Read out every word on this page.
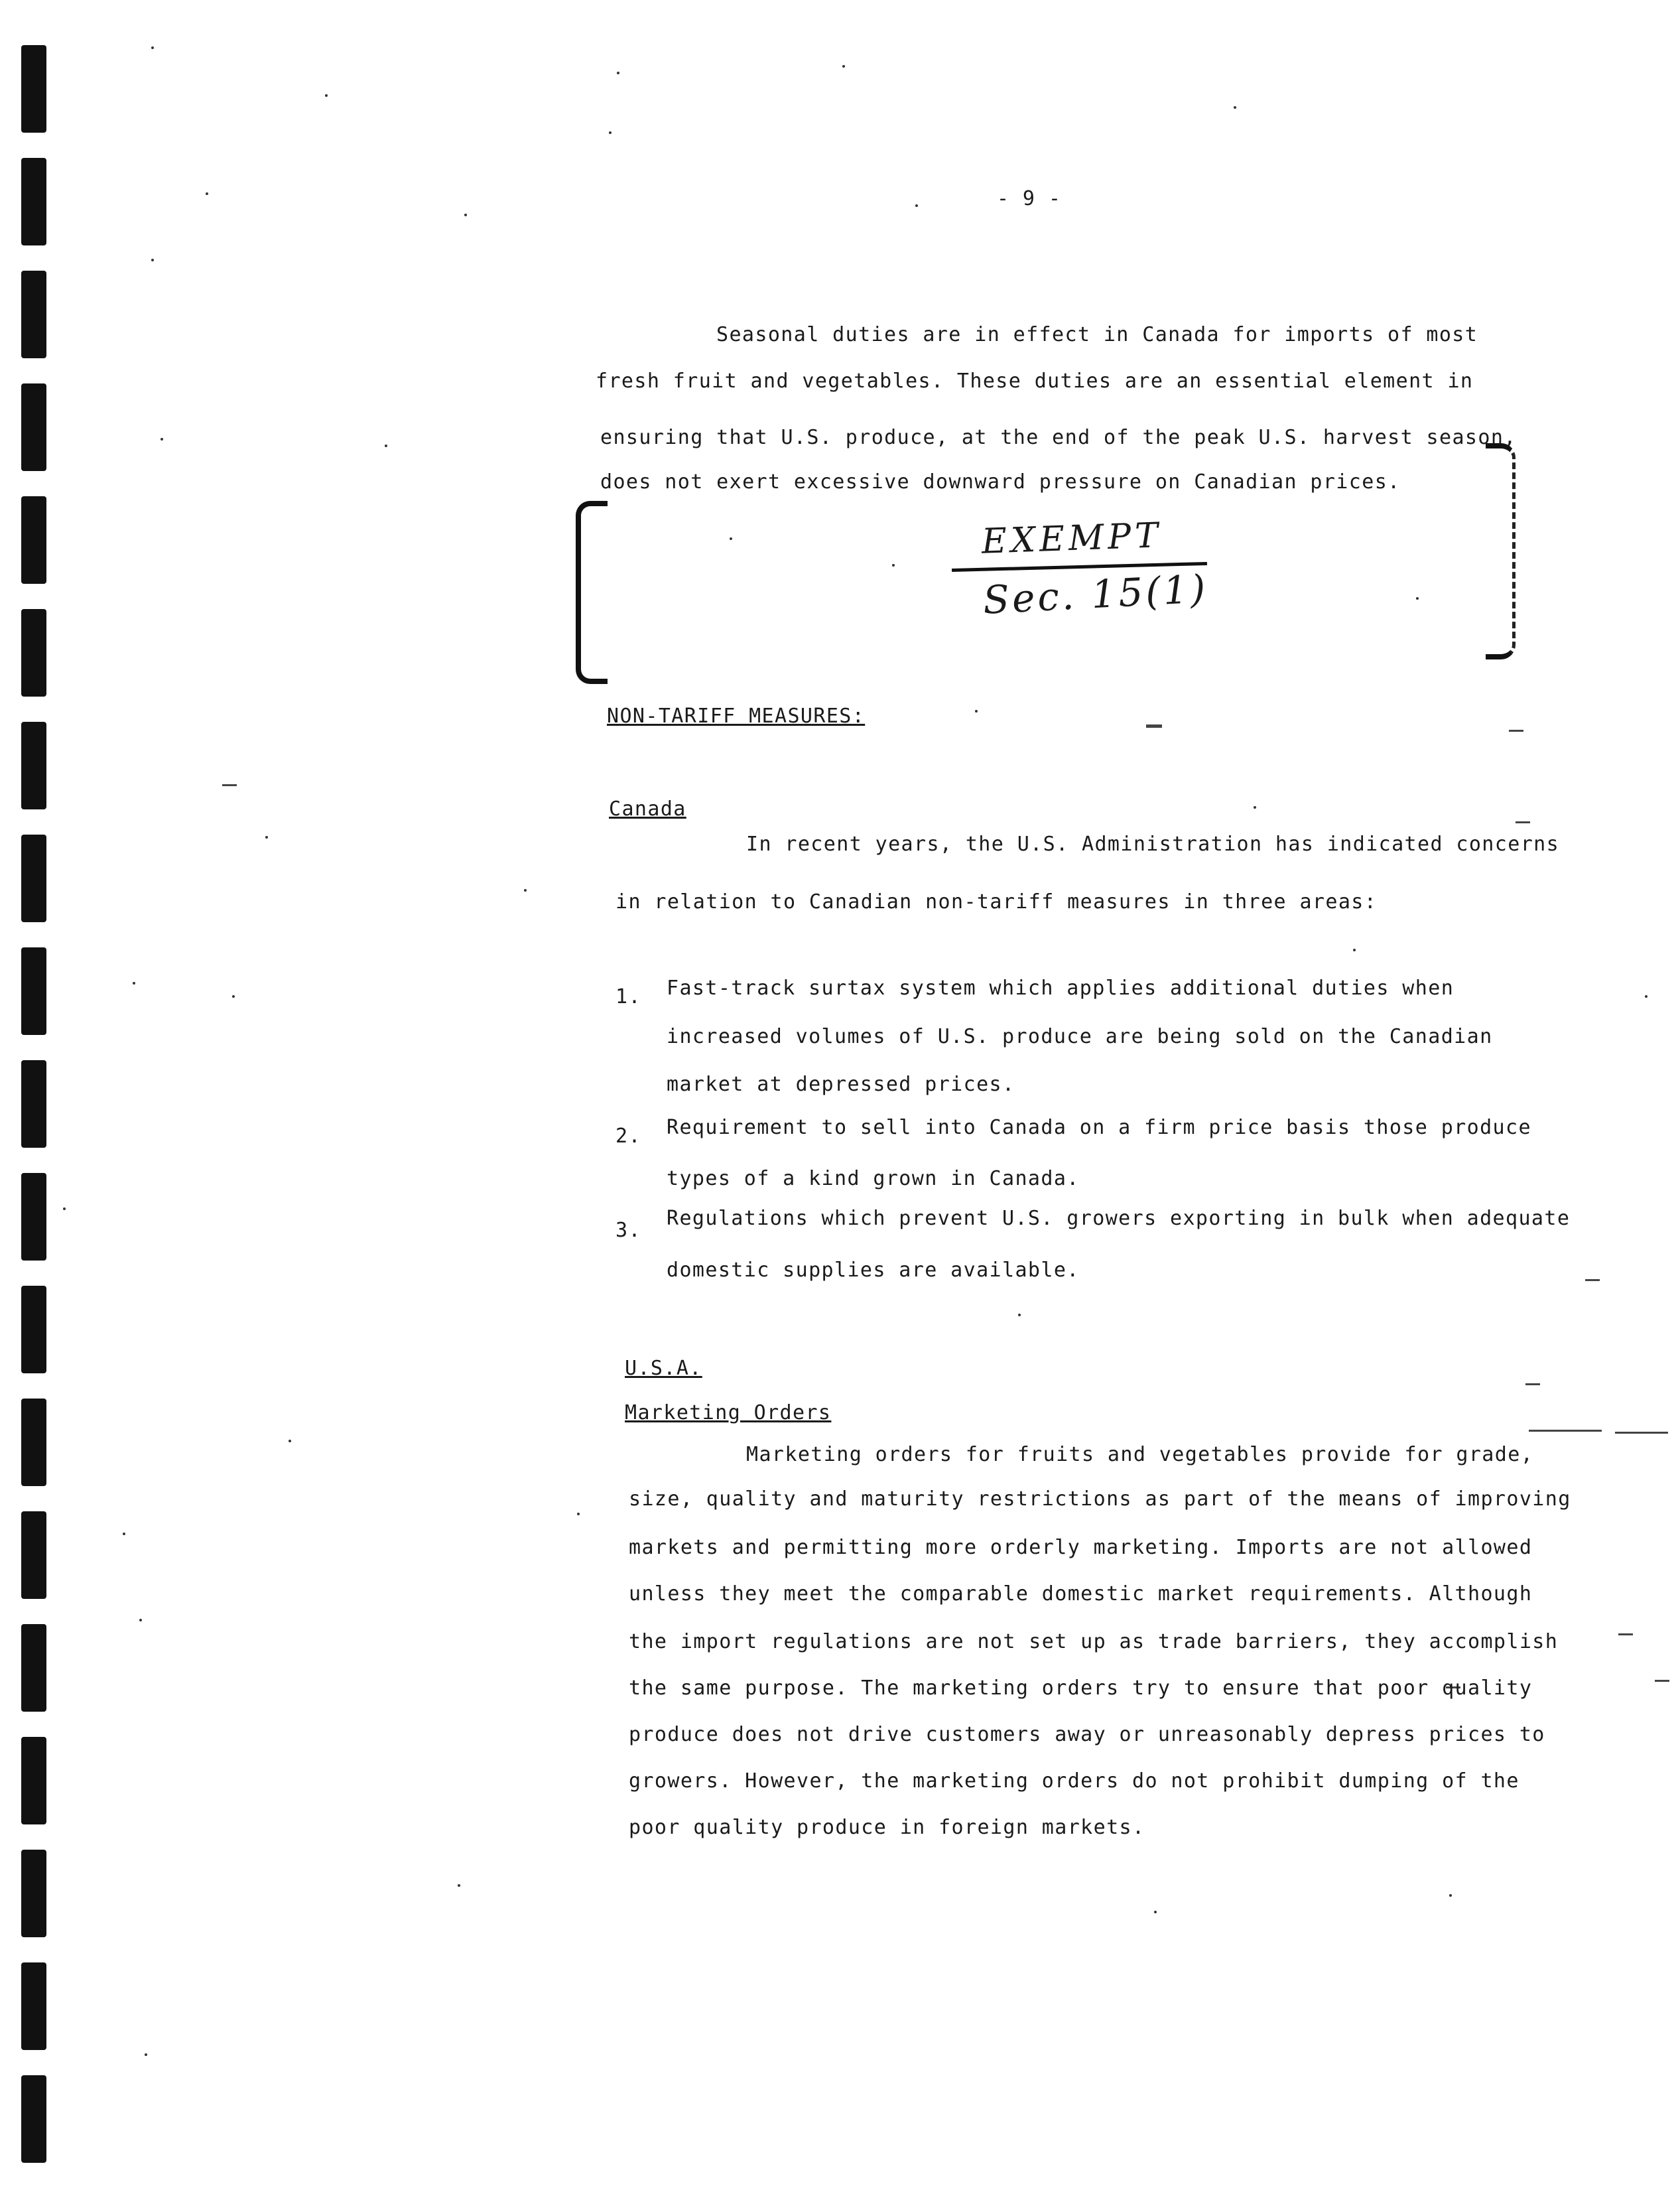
- 9 -
Seasonal duties are in effect in Canada for imports of most
fresh fruit and vegetables. These duties are an essential element in
ensuring that U.S. produce, at the end of the peak U.S. harvest season,
does not exert excessive downward pressure on Canadian prices.
EXEMPT
Sec. 15(1)
NON-TARIFF MEASURES:
Canada
In recent years, the U.S. Administration has indicated concerns
in relation to Canadian non-tariff measures in three areas:
1. Fast-track surtax system which applies additional duties when
increased volumes of U.S. produce are being sold on the Canadian
market at depressed prices.
2. Requirement to sell into Canada on a firm price basis those produce
types of a kind grown in Canada.
3.
Regulations which prevent U.S. growers exporting in bulk when adequate
domestic supplies are available.
U.S.A.
Marketing Orders
Marketing orders for fruits and vegetables provide for grade,
size, quality and maturity restrictions as part of the means of improving
markets and permitting more orderly marketing. Imports are not allowed
unless they meet the comparable domestic market requirements. Although
the import regulations are not set up as trade barriers, they accomplish
the same purpose. The marketing orders try to ensure that poor quality
produce does not drive customers away or unreasonably depress prices to
growers. However, the marketing orders do not prohibit dumping of the
poor quality produce in foreign markets.
